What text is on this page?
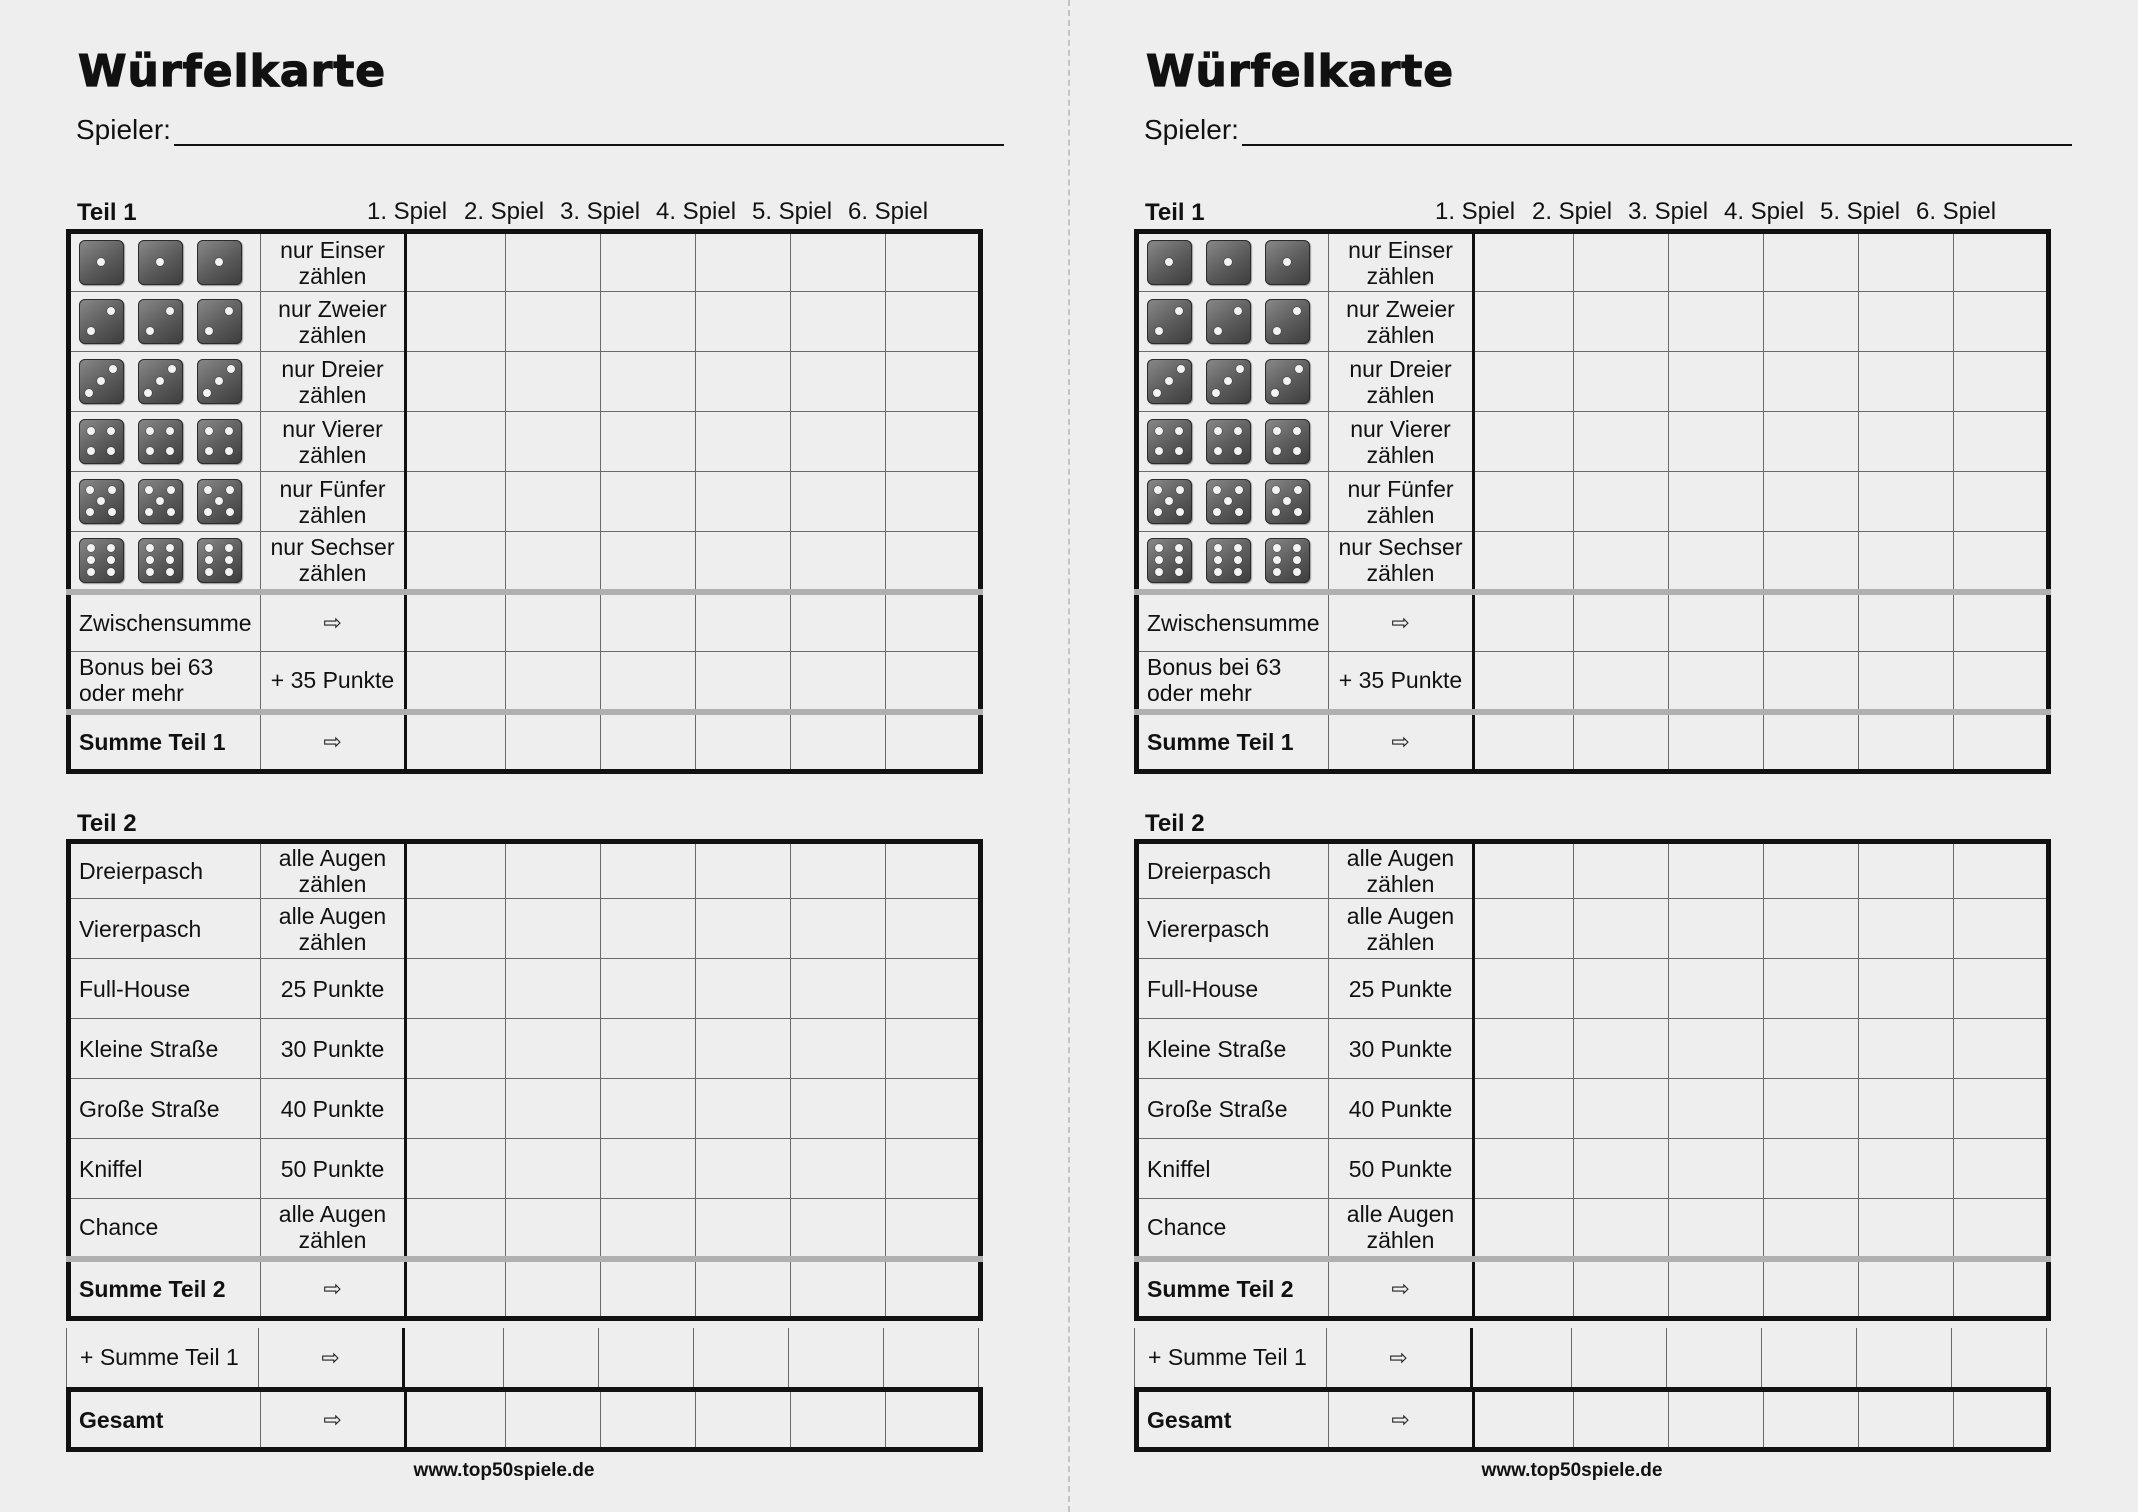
Würfelkarte
Spieler:
Teil 1
Teil 2
1. Spiel 2. Spiel 3. Spiel 4. Spiel 5. Spiel 6. Spiel
	nur Einser
zählen						

	nur Zweier
zählen						

	nur Dreier
zählen						

	nur Vierer
zählen						

	nur Fünfer
zählen						

	nur Sechser
zählen						
Zwischensumme	⇨						
Bonus bei 63
oder mehr	+ 35 Punkte						
Summe Teil 1	⇨						
Dreierpasch	alle Augen
zählen						
Viererpasch	alle Augen
zählen						
Full-House	25 Punkte						
Kleine Straße	30 Punkte						
Große Straße	40 Punkte						
Kniffel	50 Punkte						
Chance	alle Augen
zählen						
Summe Teil 2	⇨						
+ Summe Teil 1	⇨						
Gesamt	⇨						
www.top50spiele.de
Würfelkarte
Spieler:
Teil 1
Teil 2
1. Spiel 2. Spiel 3. Spiel 4. Spiel 5. Spiel 6. Spiel
	nur Einser
zählen						

	nur Zweier
zählen						

	nur Dreier
zählen						

	nur Vierer
zählen						

	nur Fünfer
zählen						

	nur Sechser
zählen						
Zwischensumme	⇨						
Bonus bei 63
oder mehr	+ 35 Punkte						
Summe Teil 1	⇨						
Dreierpasch	alle Augen
zählen						
Viererpasch	alle Augen
zählen						
Full-House	25 Punkte						
Kleine Straße	30 Punkte						
Große Straße	40 Punkte						
Kniffel	50 Punkte						
Chance	alle Augen
zählen						
Summe Teil 2	⇨						
+ Summe Teil 1	⇨						
Gesamt	⇨						
www.top50spiele.de
